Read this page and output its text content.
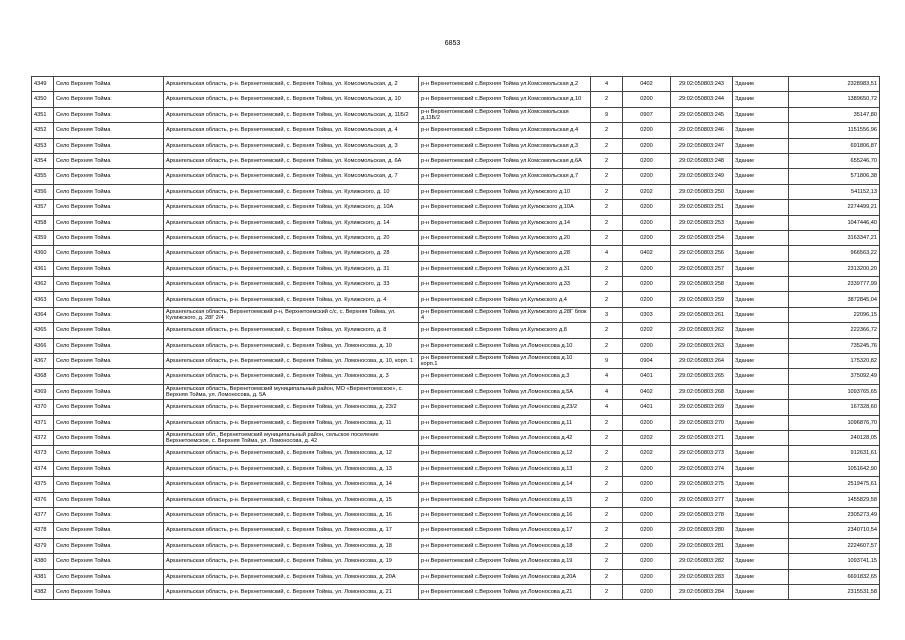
6853
4349	Село Верхняя Тойма	Архангельская область, р-н. Верхнетоемский, с. Верхняя Тойма, ул. Комсомольская, д. 2	р-н Верхнетоемский с.Верхняя Тойма ул.Комсомольская д.2	4	0402	29:02:050803:243	Здание	2328983,51
4350	Село Верхняя Тойма	Архангельская область, р-н. Верхнетоемский, с. Верхняя Тойма, ул. Комсомольская, д. 10	р-н Верхнетоемский с.Верхняя Тойма ул.Комсомольская д.10	2	0200	29:02:050803:244	Здание	1389650,72
4351	Село Верхняя Тойма	Архангельская область, р-н. Верхнетоемский, с. Верхняя Тойма, ул. Комсомольская, д. 11Б/2	р-н Верхнетоемский с.Верхняя Тойма ул.Комсомольская д.11Б/2	9	0907	29:02:050803:245	Здание	35147,80
4352	Село Верхняя Тойма	Архангельская область, р-н. Верхнетоемский, с. Верхняя Тойма, ул. Комсомольская, д. 4	р-н Верхнетоемский с.Верхняя Тойма ул.Комсомольская д.4	2	0200	29:02:050803:246	Здание	1151556,96
4353	Село Верхняя Тойма	Архангельская область, р-н. Верхнетоемский, с. Верхняя Тойма, ул. Комсомольская, д. 3	р-н Верхнетоемский с.Верхняя Тойма ул.Комсомольская д.3	2	0200	29:02:050803:247	Здание	691806,87
4354	Село Верхняя Тойма	Архангельская область, р-н. Верхнетоемский, с. Верхняя Тойма, ул. Комсомольская, д. 6А	р-н Верхнетоемский с.Верхняя Тойма ул.Комсомольская д.6А	2	0200	29:02:050803:248	Здание	655246,70
4355	Село Верхняя Тойма	Архангельская область, р-н. Верхнетоемский, с. Верхняя Тойма, ул. Комсомольская, д. 7	р-н Верхнетоемский с.Верхняя Тойма ул.Комсомольская д.7	2	0200	29:02:050803:249	Здание	571806,38
4356	Село Верхняя Тойма	Архангельская область, р-н. Верхнетоемский, с. Верхняя Тойма, ул. Кулижского, д. 10	р-н Верхнетоемский с.Верхняя Тойма ул.Кулижского д.10	2	0202	29:02:050803:250	Здание	541152,13
4357	Село Верхняя Тойма	Архангельская область, р-н. Верхнетоемский, с. Верхняя Тойма, ул. Кулижского, д. 10А	р-н Верхнетоемский с.Верхняя Тойма ул.Кулижского д.10А	2	0200	29:02:050803:251	Здание	2274499,21
4358	Село Верхняя Тойма	Архангельская область, р-н. Верхнетоемский, с. Верхняя Тойма, ул. Кулижского, д. 14	р-н Верхнетоемский с.Верхняя Тойма ул.Кулижского д.14	2	0200	29:02:050803:253	Здание	1047446,40
4359	Село Верхняя Тойма	Архангельская область, р-н. Верхнетоемский, с. Верхняя Тойма, ул. Кулижского, д. 20	р-н Верхнетоемский с.Верхняя Тойма ул.Кулижского д.20	2	0200	29:02:050803:254	Здание	3163347,21
4360	Село Верхняя Тойма	Архангельская область, р-н. Верхнетоемский, с. Верхняя Тойма, ул. Кулижского, д. 28	р-н Верхнетоемский с.Верхняя Тойма ул.Кулижского д.28	4	0402	29:02:050803:256	Здание	966563,22
4361	Село Верхняя Тойма	Архангельская область, р-н. Верхнетоемский, с. Верхняя Тойма, ул. Кулижского, д. 31	р-н Верхнетоемский с.Верхняя Тойма ул.Кулижского д.31	2	0200	29:02:050803:257	Здание	2313200,20
4362	Село Верхняя Тойма	Архангельская область, р-н. Верхнетоемский, с. Верхняя Тойма, ул. Кулижского, д. 33	р-н Верхнетоемский с.Верхняя Тойма ул.Кулижского д.33	2	0200	29:02:050803:258	Здание	2339777,99
4363	Село Верхняя Тойма	Архангельская область, р-н. Верхнетоемский, с. Верхняя Тойма, ул. Кулижского, д. 4	р-н Верхнетоемский с.Верхняя Тойма ул.Кулижского д.4	2	0200	29:02:050803:259	Здание	3872845,04
4364	Село Верхняя Тойма	Архангельская область, Верхнетоемский р-н, Верхнетоемский с/с, с. Верхняя Тойма, ул. Кулижского, д. 28Г 2/4	р-н Верхнетоемский с.Верхняя Тойма ул.Кулижского д.28Г блок 4	3	0303	29:02:050803:261	Здание	22096,15
4365	Село Верхняя Тойма	Архангельская область, р-н. Верхнетоемский, с. Верхняя Тойма, ул. Кулижского, д. 8	р-н Верхнетоемский с.Верхняя Тойма ул.Кулижского д.8	2	0202	29:02:050803:262	Здание	222366,72
4366	Село Верхняя Тойма	Архангельская область, р-н. Верхнетоемский, с. Верхняя Тойма, ул. Ломоносова, д. 10	р-н Верхнетоемский с.Верхняя Тойма ул.Ломоносова д.10	2	0200	29:02:050803:263	Здание	735245,76
4367	Село Верхняя Тойма	Архангельская область, р-н. Верхнетоемский, с. Верхняя Тойма, ул. Ломоносова, д. 10, корп. 1	р-н Верхнетоемский с.Верхняя Тойма ул.Ломоносова д.10 корп.1	9	0904	29:02:050803:264	Здание	175320,82
4368	Село Верхняя Тойма	Архангельская область, р-н. Верхнетоемский, с. Верхняя Тойма, ул. Ломоносова, д. 3	р-н Верхнетоемский с.Верхняя Тойма ул.Ломоносова д.3	4	0401	29:02:050803:265	Здание	375092,49
4369	Село Верхняя Тойма	Архангельская область, Верхнетоемский муниципальный район, МО «Верхнетоемское», с. Верхняя Тойма, ул. Ломоносова, д. 5А	р-н Верхнетоемский с.Верхняя Тойма ул.Ломоносова д.5А	4	0402	29:02:050803:268	Здание	1093765,65
4370	Село Верхняя Тойма	Архангельская область, р-н. Верхнетоемский, с. Верхняя Тойма, ул. Ломоносова, д. 23/2	р-н Верхнетоемский с.Верхняя Тойма ул.Ломоносова д.23/2	4	0401	29:02:050803:269	Здание	167328,60
4371	Село Верхняя Тойма	Архангельская область, р-н. Верхнетоемский, с. Верхняя Тойма, ул. Ломоносова, д. 11	р-н Верхнетоемский с.Верхняя Тойма ул.Ломоносова д.11	2	0200	29:02:050803:270	Здание	1096876,70
4372	Село Верхняя Тойма	Архангельская обл., Верхнетоемский муниципальный район, сельское поселение Верхнетоемское, с. Верхняя Тойма, ул. Ломоносова, д. 42	р-н Верхнетоемский с.Верхняя Тойма ул.Ломоносова д.42	2	0202	29:02:050803:271	Здание	240128,05
4373	Село Верхняя Тойма	Архангельская область, р-н. Верхнетоемский, с. Верхняя Тойма, ул. Ломоносова, д. 12	р-н Верхнетоемский с.Верхняя Тойма ул.Ломоносова д.12	2	0202	29:02:050803:273	Здание	912631,61
4374	Село Верхняя Тойма	Архангельская область, р-н. Верхнетоемский, с. Верхняя Тойма, ул. Ломоносова, д. 13	р-н Верхнетоемский с.Верхняя Тойма ул.Ломоносова д.13	2	0200	29:02:050803:274	Здание	1051642,90
4375	Село Верхняя Тойма	Архангельская область, р-н. Верхнетоемский, с. Верхняя Тойма, ул. Ломоносова, д. 14	р-н Верхнетоемский с.Верхняя Тойма ул.Ломоносова д.14	2	0200	29:02:050803:275	Здание	2519475,61
4376	Село Верхняя Тойма	Архангельская область, р-н. Верхнетоемский, с. Верхняя Тойма, ул. Ломоносова, д. 15	р-н Верхнетоемский с.Верхняя Тойма ул.Ломоносова д.15	2	0200	29:02:050803:277	Здание	1455829,58
4377	Село Верхняя Тойма	Архангельская область, р-н. Верхнетоемский, с. Верхняя Тойма, ул. Ломоносова, д. 16	р-н Верхнетоемский с.Верхняя Тойма ул.Ломоносова д.16	2	0200	29:02:050803:278	Здание	2305273,49
4378	Село Верхняя Тойма	Архангельская область, р-н. Верхнетоемский, с. Верхняя Тойма, ул. Ломоносова, д. 17	р-н Верхнетоемский с.Верхняя Тойма ул.Ломоносова д.17	2	0200	29:02:050803:280	Здание	2340710,54
4379	Село Верхняя Тойма	Архангельская область, р-н. Верхнетоемский, с. Верхняя Тойма, ул. Ломоносова, д. 18	р-н Верхнетоемский с.Верхняя Тойма ул.Ломоносова д.18	2	0200	29:02:050803:281	Здание	2224607,57
4380	Село Верхняя Тойма	Архангельская область, р-н. Верхнетоемский, с. Верхняя Тойма, ул. Ломоносова, д. 19	р-н Верхнетоемский с.Верхняя Тойма ул.Ломоносова д.19	2	0200	29:02:050803:282	Здание	1093741,15
4381	Село Верхняя Тойма	Архангельская область, р-н. Верхнетоемский, с. Верхняя Тойма, ул. Ломоносова, д. 20А	р-н Верхнетоемский с.Верхняя Тойма ул.Ломоносова д.20А	2	0200	29:02:050803:283	Здание	6691832,65
4382	Село Верхняя Тойма	Архангельская область, р-н. Верхнетоемский, с. Верхняя Тойма, ул. Ломоносова, д. 21	р-н Верхнетоемский с.Верхняя Тойма ул.Ломоносова д.21	2	0200	29:02:050803:284	Здание	2315531,58
